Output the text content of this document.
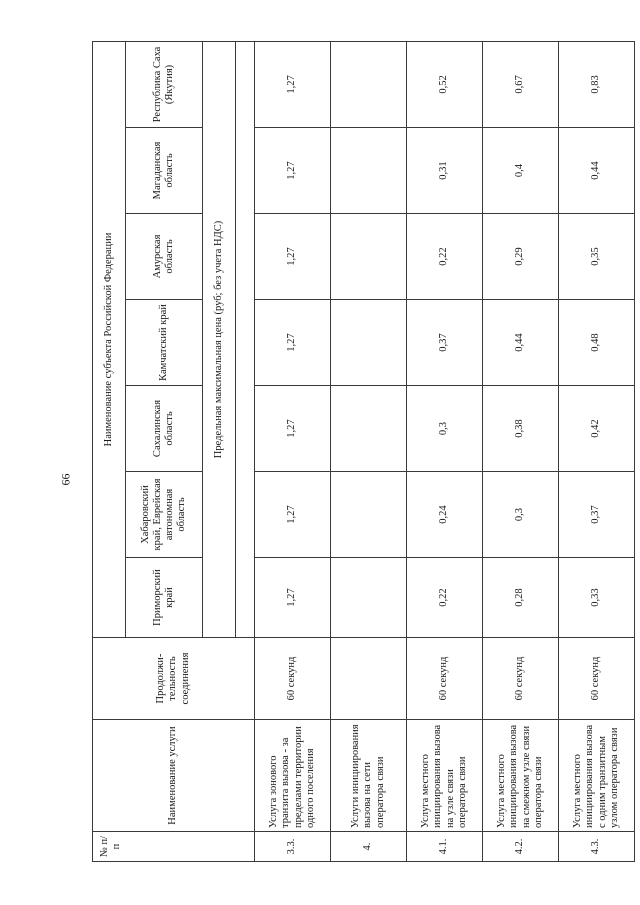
66
№ п/п	Наименование услуги	Продолжи-тельность соединения	Наименование субъекта Российской Федерации						
			Приморский край	Хабаровский край, Еврейская автономная область	Сахалинская область	Камчатский край	Амурская область	Магаданская область	Республика Саха (Якутия)
			Предельная максимальная цена (руб; без учета НДС)						

3.3.	Услуга зонового транзита вызова - за пределами территории одного поселения	60 секунд	1,27	1,27	1,27	1,27	1,27	1,27	1,27
4.	Услуги инициирования вызова на сети оператора связи								
4.1.	Услуга местного инициирования вызова на узле связи оператора связи	60 секунд	0,22	0,24	0,3	0,37	0,22	0,31	0,52
4.2.	Услуга местного инициирования вызова на смежном узле связи оператора связи	60 секунд	0,28	0,3	0,38	0,44	0,29	0,4	0,67
4.3.	Услуга местного инициирования вызова с одним транзитным узлом оператора связи	60 секунд	0,33	0,37	0,42	0,48	0,35	0,44	0,83
